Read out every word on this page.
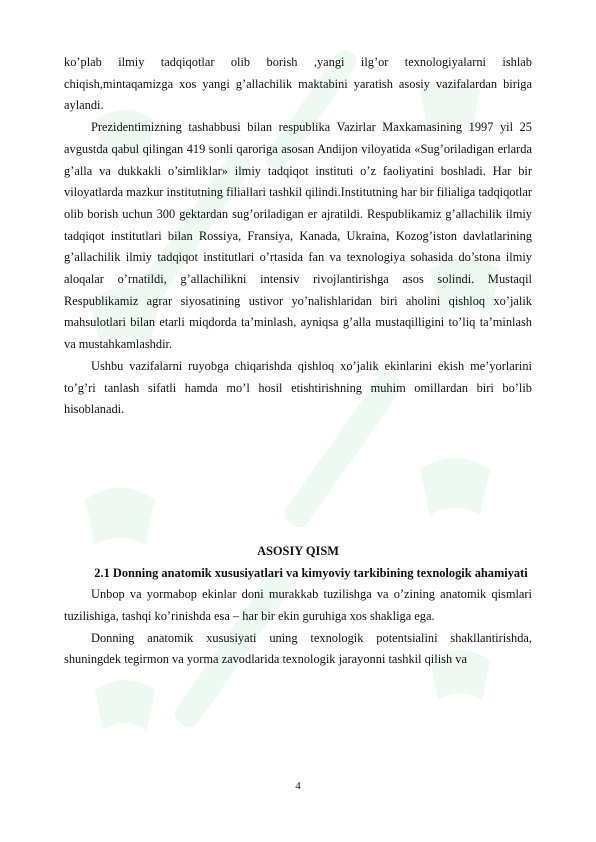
ko’plab ilmiy tadqiqotlar olib borish ,yangi ilg’or texnologiyalarni ishlab chiqish,mintaqamizga xos yangi g’allachilik maktabini yaratish asosiy vazifalardan biriga aylandi.

Prezidentimizning tashabbusi bilan respublika Vazirlar Maxkamasining 1997 yil 25 avgustda qabul qilingan 419 sonli qaroriga asosan Andijon viloyatida «Sug’oriladigan erlarda g’alla va dukkakli o’simliklar» ilmiy tadqiqot instituti o’z faoliyatini boshladi. Har bir viloyatlarda mazkur institutning filiallari tashkil qilindi.Institutning har bir filialiga tadqiqotlar olib borish uchun 300 gektardan sug’oriladigan er ajratildi. Respublikamiz g’allachilik ilmiy tadqiqot institutlari bilan Rossiya, Fransiya, Kanada, Ukraina, Kozog’iston davlatlarining g’allachilik ilmiy tadqiqot institutlari o’rtasida fan va texnologiya sohasida do’stona ilmiy aloqalar o’rnatildi, g’allachilikni intensiv rivojlantirishga asos solindi. Mustaqil Respublikamiz agrar siyosatining ustivor yo’nalishlaridan biri aholini qishloq xo’jalik mahsulotlari bilan etarli miqdorda ta’minlash, ayniqsa g’alla mustaqilligini to’liq ta’minlash va mustahkamlashdir.

Ushbu vazifalarni ruyobga chiqarishda qishloq xo’jalik ekinlarini ekish me’yorlarini to’g’ri tanlash sifatli hamda mo’l hosil etishtirishning muhim omillardan biri bo’lib hisoblanadi.

ASOSIY QISM

2.1 Donning anatomik xususiyatlari va kimyoviy tarkibining texnologik ahamiyati

Unbop va yormabop ekinlar doni murakkab tuzilishga va o’zining anatomik qismlari tuzilishiga, tashqi ko’rinishda esa – har bir ekin guruhiga xos shakliga ega.

Donning anatomik xususiyati uning texnologik potentsialini shakllantirishda, shuningdek tegirmon va yorma zavodlarida texnologik jarayonni tashkil qilish va

4
